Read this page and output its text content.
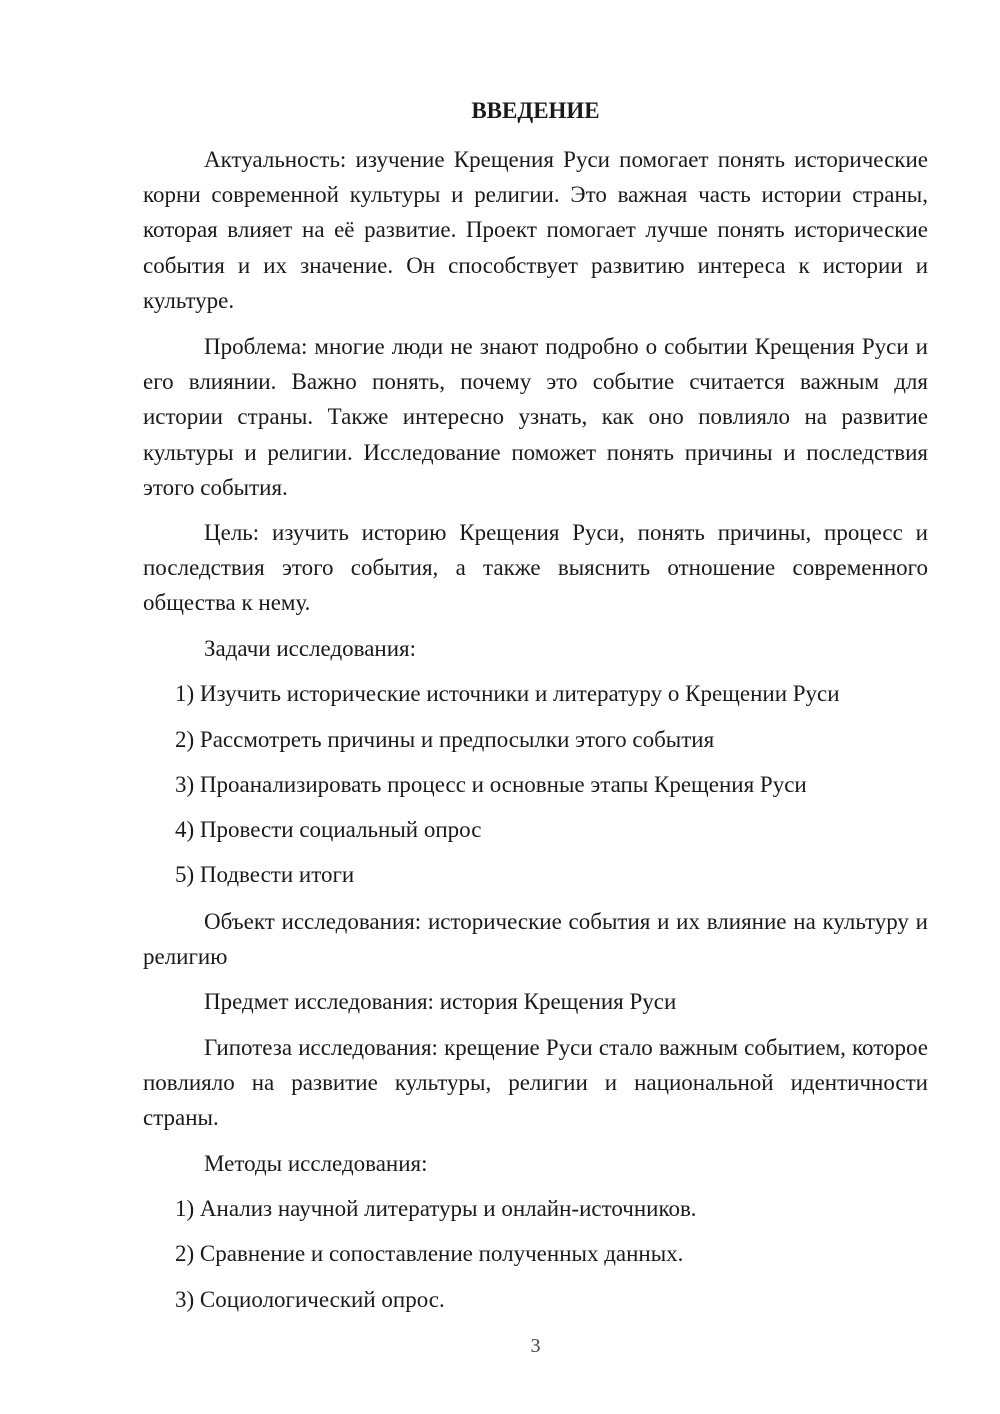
ВВЕДЕНИЕ

Актуальность: изучение Крещения Руси помогает понять исторические корни современной культуры и религии. Это важная часть истории страны, которая влияет на её развитие. Проект помогает лучше понять исторические события и их значение. Он способствует развитию интереса к истории и культуре.

Проблема: многие люди не знают подробно о событии Крещения Руси и его влиянии. Важно понять, почему это событие считается важным для истории страны. Также интересно узнать, как оно повлияло на развитие культуры и религии. Исследование поможет понять причины и последствия этого события.

Цель: изучить историю Крещения Руси, понять причины, процесс и последствия этого события, а также выяснить отношение современного общества к нему.

Задачи исследования:
1) Изучить исторические источники и литературу о Крещении Руси
2) Рассмотреть причины и предпосылки этого события
3) Проанализировать процесс и основные этапы Крещения Руси
4) Провести социальный опрос
5) Подвести итоги

Объект исследования: исторические события и их влияние на культуру и религию

Предмет исследования: история Крещения Руси

Гипотеза исследования: крещение Руси стало важным событием, которое повлияло на развитие культуры, религии и национальной идентичности страны.

Методы исследования:
1) Анализ научной литературы и онлайн-источников.
2) Сравнение и сопоставление полученных данных.
3) Социологический опрос.
3
